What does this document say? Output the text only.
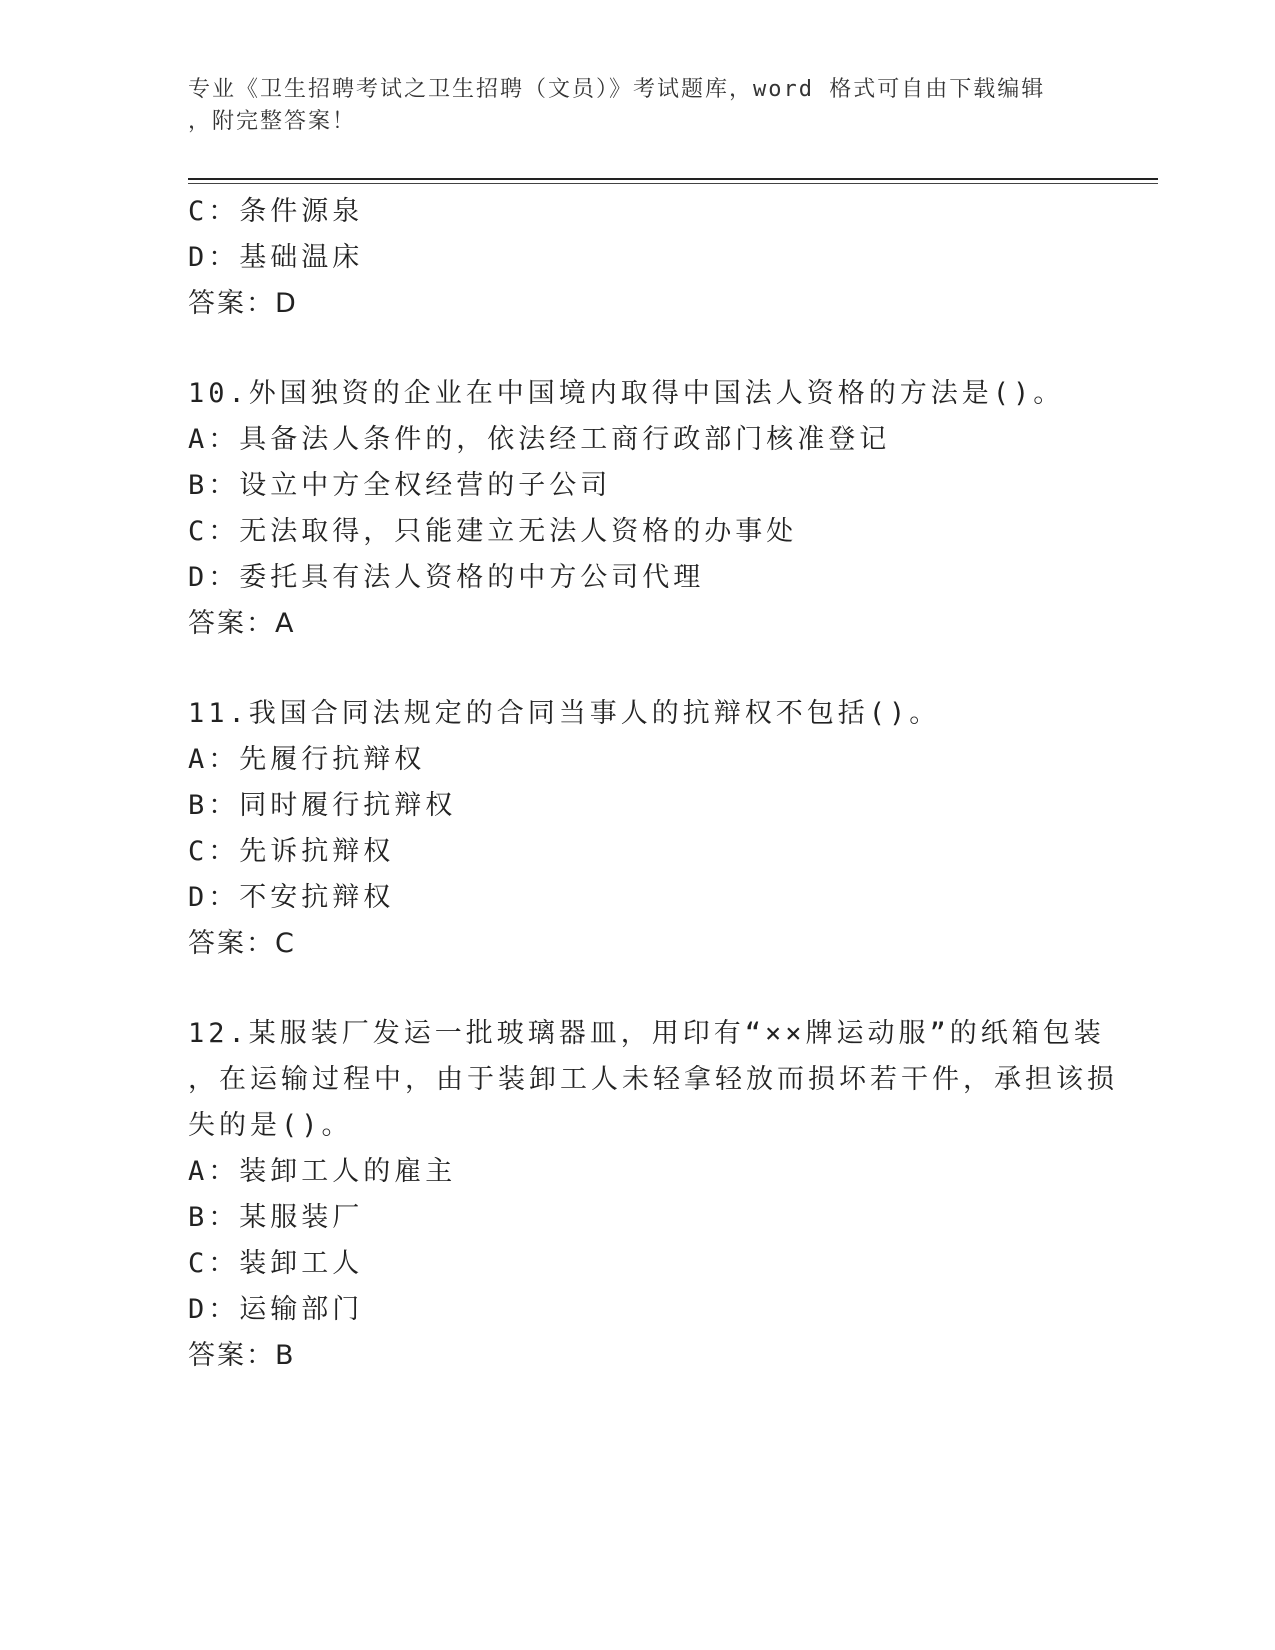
专业《卫生招聘考试之卫生招聘（文员）》考试题库，word 格式可自由下载编辑
，附完整答案！
C：条件源泉
D：基础温床
答案：D
10.外国独资的企业在中国境内取得中国法人资格的方法是()。
A：具备法人条件的，依法经工商行政部门核准登记
B：设立中方全权经营的子公司
C：无法取得，只能建立无法人资格的办事处
D：委托具有法人资格的中方公司代理
答案：A
11.我国合同法规定的合同当事人的抗辩权不包括()。
A：先履行抗辩权
B：同时履行抗辩权
C：先诉抗辩权
D：不安抗辩权
答案：C
12.某服装厂发运一批玻璃器皿，用印有“××牌运动服”的纸箱包装
，在运输过程中，由于装卸工人未轻拿轻放而损坏若干件，承担该损
失的是()。
A：装卸工人的雇主
B：某服装厂
C：装卸工人
D：运输部门
答案：B
